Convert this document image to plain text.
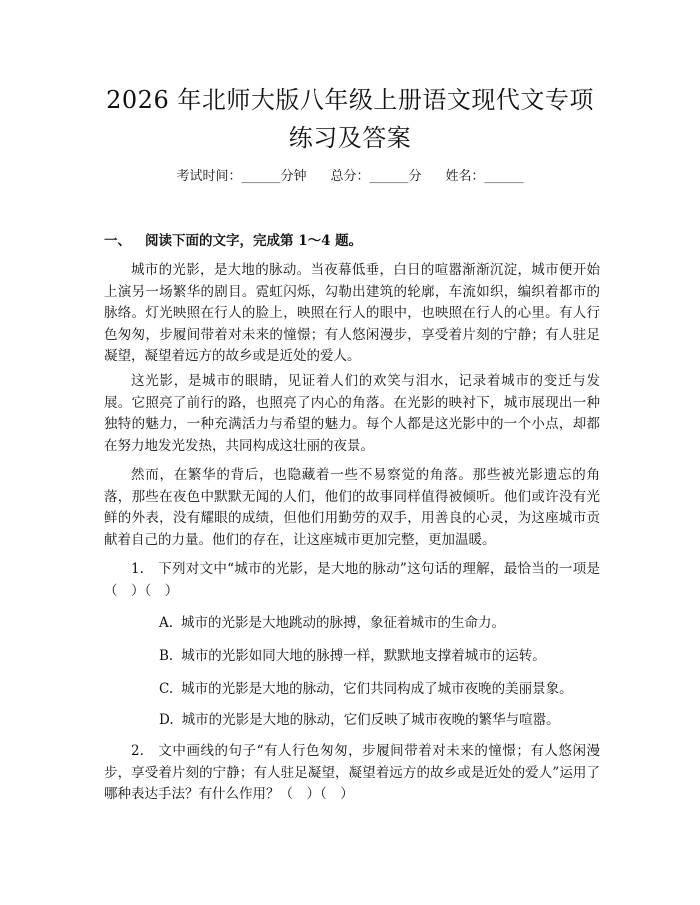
2026 年北师大版八年级上册语文现代文专项
练习及答案
考试时间：______分钟 总分：______分 姓名：______
一、 阅读下面的文字，完成第 1～4 题。

城市的光影，是大地的脉动。当夜幕低垂，白日的喧嚣渐渐沉淀，城市便开始上演另一场繁华的剧目。霓虹闪烁，勾勒出建筑的轮廓，车流如织，编织着都市的脉络。灯光映照在行人的脸上，映照在行人的眼中，也映照在行人的心里。有人行色匆匆，步履间带着对未来的憧憬；有人悠闲漫步，享受着片刻的宁静；有人驻足凝望，凝望着远方的故乡或是近处的爱人。

这光影，是城市的眼睛，见证着人们的欢笑与泪水，记录着城市的变迁与发展。它照亮了前行的路，也照亮了内心的角落。在光影的映衬下，城市展现出一种独特的魅力，一种充满活力与希望的魅力。每个人都是这光影中的一个小点，却都在努力地发光发热，共同构成这壮丽的夜景。

然而，在繁华的背后，也隐藏着一些不易察觉的角落。那些被光影遗忘的角落，那些在夜色中默默无闻的人们，他们的故事同样值得被倾听。他们或许没有光鲜的外表，没有耀眼的成绩，但他们用勤劳的双手，用善良的心灵，为这座城市贡献着自己的力量。他们的存在，让这座城市更加完整，更加温暖。

1. 下列对文中“城市的光影，是大地的脉动”这句话的理解，最恰当的一项是（　）（　）

A. 城市的光影是大地跳动的脉搏，象征着城市的生命力。
B. 城市的光影如同大地的脉搏一样，默默地支撑着城市的运转。
C. 城市的光影是大地的脉动，它们共同构成了城市夜晚的美丽景象。
D. 城市的光影是大地的脉动，它们反映了城市夜晚的繁华与喧嚣。

2. 文中画线的句子“有人行色匆匆，步履间带着对未来的憧憬；有人悠闲漫步，享受着片刻的宁静；有人驻足凝望，凝望着远方的故乡或是近处的爱人”运用了哪种表达手法？有什么作用？（　）（　）
